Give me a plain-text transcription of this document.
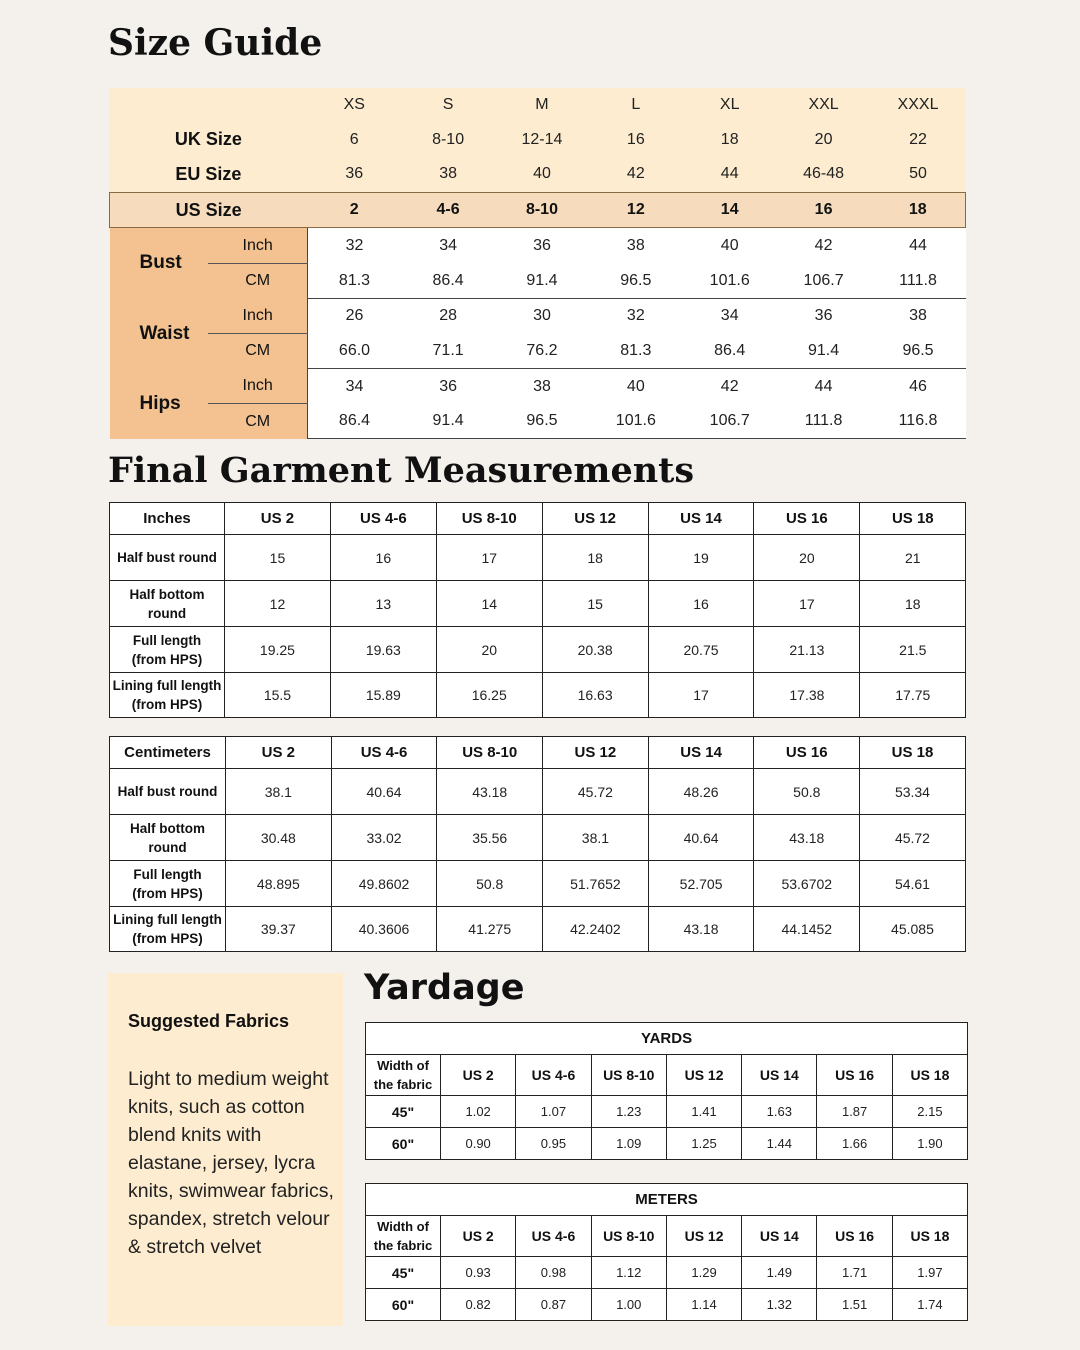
Size Guide
		XS	S	M	L	XL	XXL	XXXL
UK Size		6	8-10	12-14	16	18	20	22
EU Size		36	38	40	42	44	46-48	50
US Size		2	4-6	8-10	12	14	16	18
Bust	Inch	32	34	36	38	40	42	44
	CM	81.3	86.4	91.4	96.5	101.6	106.7	111.8
Waist	Inch	26	28	30	32	34	36	38
	CM	66.0	71.1	76.2	81.3	86.4	91.4	96.5
Hips	Inch	34	36	38	40	42	44	46
	CM	86.4	91.4	96.5	101.6	106.7	111.8	116.8
Final Garment Measurements
Inches	US 2	US 4-6	US 8-10	US 12	US 14	US 16	US 18
Half bust round	15	16	17	18	19	20	21
Half bottom
round	12	13	14	15	16	17	18
Full length
(from HPS)	19.25	19.63	20	20.38	20.75	21.13	21.5
Lining full length
(from HPS)	15.5	15.89	16.25	16.63	17	17.38	17.75
Centimeters	US 2	US 4-6	US 8-10	US 12	US 14	US 16	US 18
Half bust round	38.1	40.64	43.18	45.72	48.26	50.8	53.34
Half bottom
round	30.48	33.02	35.56	38.1	40.64	43.18	45.72
Full length
(from HPS)	48.895	49.8602	50.8	51.7652	52.705	53.6702	54.61
Lining full length
(from HPS)	39.37	40.3606	41.275	42.2402	43.18	44.1452	45.085
Suggested Fabrics
Light to medium weight knits, such as cotton blend knits with elastane, jersey, lycra knits, swimwear fabrics, spandex, stretch velour & stretch velvet
Yardage
YARDS							
Width of
the fabric	US 2	US 4-6	US 8-10	US 12	US 14	US 16	US 18
45"	1.02	1.07	1.23	1.41	1.63	1.87	2.15
60"	0.90	0.95	1.09	1.25	1.44	1.66	1.90
METERS							
Width of
the fabric	US 2	US 4-6	US 8-10	US 12	US 14	US 16	US 18
45"	0.93	0.98	1.12	1.29	1.49	1.71	1.97
60"	0.82	0.87	1.00	1.14	1.32	1.51	1.74
